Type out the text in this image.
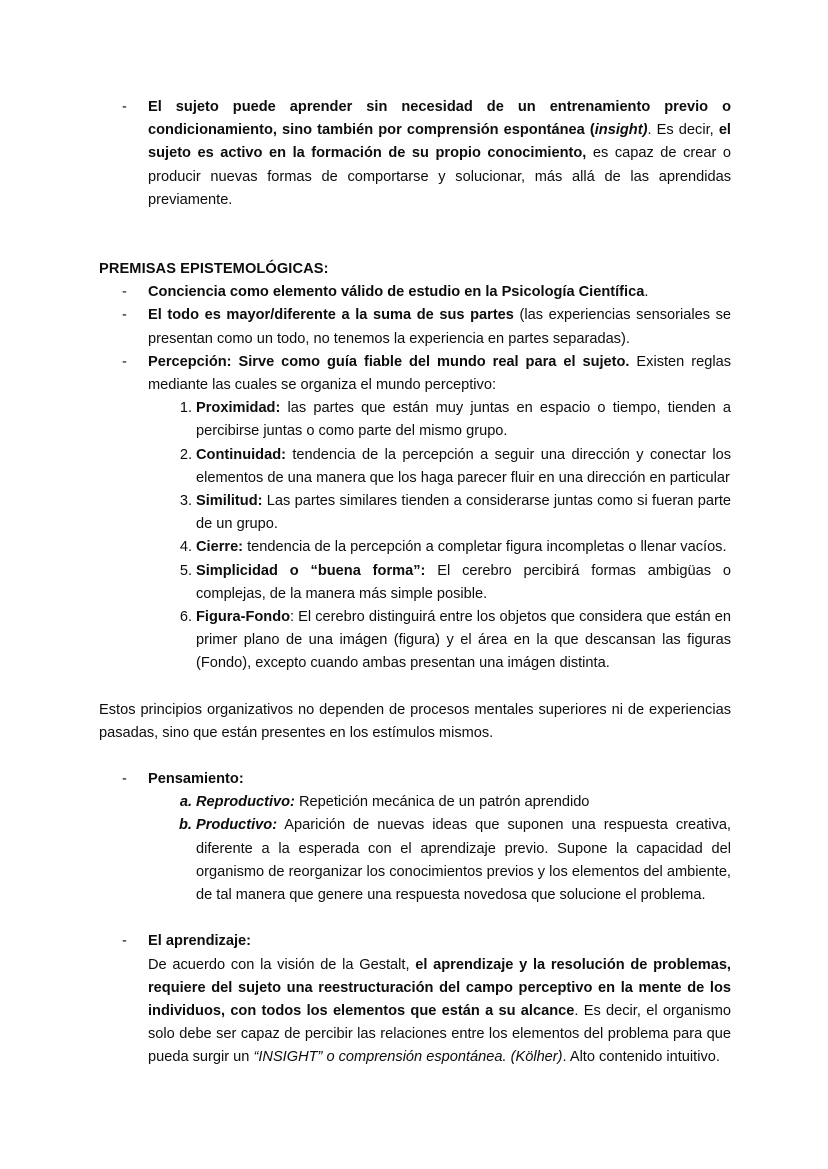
-	El sujeto puede aprender sin necesidad de un entrenamiento previo o condicionamiento, sino también por comprensión espontánea (insight). Es decir, el sujeto es activo en la formación de su propio conocimiento, es capaz de crear o producir nuevas formas de comportarse y solucionar, más allá de las aprendidas previamente.

PREMISAS EPISTEMOLÓGICAS:

-	Conciencia como elemento válido de estudio en la Psicología Científica.
-	El todo es mayor/diferente a la suma de sus partes (las experiencias sensoriales se presentan como un todo, no tenemos la experiencia en partes separadas).
-	Percepción: Sirve como guía fiable del mundo real para el sujeto. Existen reglas mediante las cuales se organiza el mundo perceptivo:
1. Proximidad: las partes que están muy juntas en espacio o tiempo, tienden a percibirse juntas o como parte del mismo grupo.
2. Continuidad: tendencia de la percepción a seguir una dirección y conectar los elementos de una manera que los haga parecer fluir en una dirección en particular
3. Similitud: Las partes similares tienden a considerarse juntas como si fueran parte de un grupo.
4. Cierre: tendencia de la percepción a completar figura incompletas o llenar vacíos.
5. Simplicidad o “buena forma”: El cerebro percibirá formas ambigüas o complejas, de la manera más simple posible.
6. Figura-Fondo: El cerebro distinguirá entre los objetos que considera que están en primer plano de una imágen (figura) y el área en la que descansan las figuras (Fondo), excepto cuando ambas presentan una imágen distinta.

Estos principios organizativos no dependen de procesos mentales superiores ni de experiencias pasadas, sino que están presentes en los estímulos mismos.

-	Pensamiento:
a. Reproductivo: Repetición mecánica de un patrón aprendido
b. Productivo: Aparición de nuevas ideas que suponen una respuesta creativa, diferente a la esperada con el aprendizaje previo. Supone la capacidad del organismo de reorganizar los conocimientos previos y los elementos del ambiente, de tal manera que genere una respuesta novedosa que solucione el problema.
-	El aprendizaje:

De acuerdo con la visión de la Gestalt, el aprendizaje y la resolución de problemas, requiere del sujeto una reestructuración del campo perceptivo en la mente de los individuos, con todos los elementos que están a su alcance. Es decir, el organismo solo debe ser capaz de percibir las relaciones entre los elementos del problema para que pueda surgir un “INSIGHT” o comprensión espontánea. (Kölher). Alto contenido intuitivo.
